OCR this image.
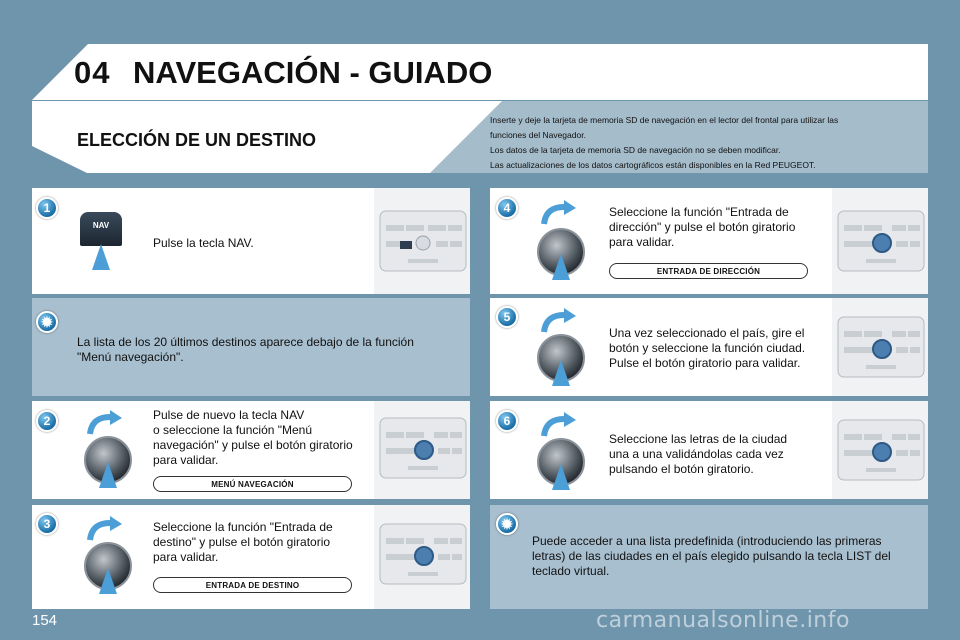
04 NAVEGACIÓN - GUIADO
ELECCIÓN DE UN DESTINO
Inserte y deje la tarjeta de memoria SD de navegación en el lector del frontal para utilizar las
funciones del Navegador.
Los datos de la tarjeta de memoria SD de navegación no se deben modificar.
Las actualizaciones de los datos cartográficos están disponibles en la Red PEUGEOT.
1
NAV
Pulse la tecla NAV.
✹
La lista de los 20 últimos destinos aparece debajo de la función
"Menú navegación".
2	Pulse de nuevo la tecla NAV
o seleccione la función "Menú
navegación" y pulse el botón giratorio
para validar.
MENÚ NAVEGACIÓN
3	Seleccione la función "Entrada de
destino" y pulse el botón giratorio
para validar.
ENTRADA DE DESTINO
4	Seleccione la función "Entrada de
dirección" y pulse el botón giratorio
para validar.
ENTRADA DE DIRECCIÓN
5
Una vez seleccionado el país, gire el
botón y seleccione la función ciudad.
Pulse el botón giratorio para validar.
6
Seleccione las letras de la ciudad
una a una validándolas cada vez
pulsando el botón giratorio.
✹
Puede acceder a una lista predefinida (introduciendo las primeras
letras) de las ciudades en el país elegido pulsando la tecla LIST del
teclado virtual.
154	carmanualsonline.info
